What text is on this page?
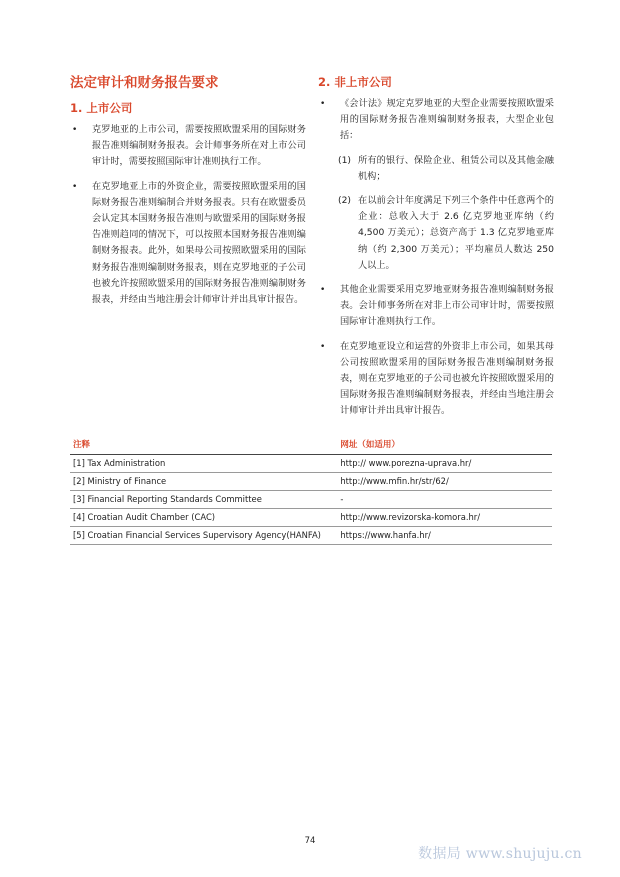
法定审计和财务报告要求
1. 上市公司
• 克罗地亚的上市公司，需要按照欧盟采用的国际财务报告准则编制财务报表。会计师事务所在对上市公司审计时，需要按照国际审计准则执行工作。
• 在克罗地亚上市的外资企业，需要按照欧盟采用的国际财务报告准则编制合并财务报表。只有在欧盟委员会认定其本国财务报告准则与欧盟采用的国际财务报告准则趋同的情况下，可以按照本国财务报告准则编制财务报表。此外，如果母公司按照欧盟采用的国际财务报告准则编制财务报表，则在克罗地亚的子公司也被允许按照欧盟采用的国际财务报告准则编制财务报表，并经由当地注册会计师审计并出具审计报告。
2. 非上市公司
• 《会计法》规定克罗地亚的大型企业需要按照欧盟采用的国际财务报告准则编制财务报表，大型企业包括：
(1) 所有的银行、保险企业、租赁公司以及其他金融机构；
(2) 在以前会计年度满足下列三个条件中任意两个的企业：总收入大于 2.6 亿克罗地亚库纳（约 4,500 万美元）；总资产高于 1.3 亿克罗地亚库纳（约 2,300 万美元）；平均雇员人数达 250 人以上。
• 其他企业需要采用克罗地亚财务报告准则编制财务报表。会计师事务所在对非上市公司审计时，需要按照国际审计准则执行工作。
• 在克罗地亚设立和运营的外资非上市公司，如果其母公司按照欧盟采用的国际财务报告准则编制财务报表，则在克罗地亚的子公司也被允许按照欧盟采用的国际财务报告准则编制财务报表，并经由当地注册会计师审计并出具审计报告。
注释	网址（如适用）
[1] Tax Administration	http:// www.porezna-uprava.hr/
[2] Ministry of Finance	http://www.mfin.hr/str/62/
[3] Financial Reporting Standards Committee	-
[4] Croatian Audit Chamber (CAC)	http://www.revizorska-komora.hr/
[5] Croatian Financial Services Supervisory Agency(HANFA)	https://www.hanfa.hr/
74
数据局 www.shujuju.cn
